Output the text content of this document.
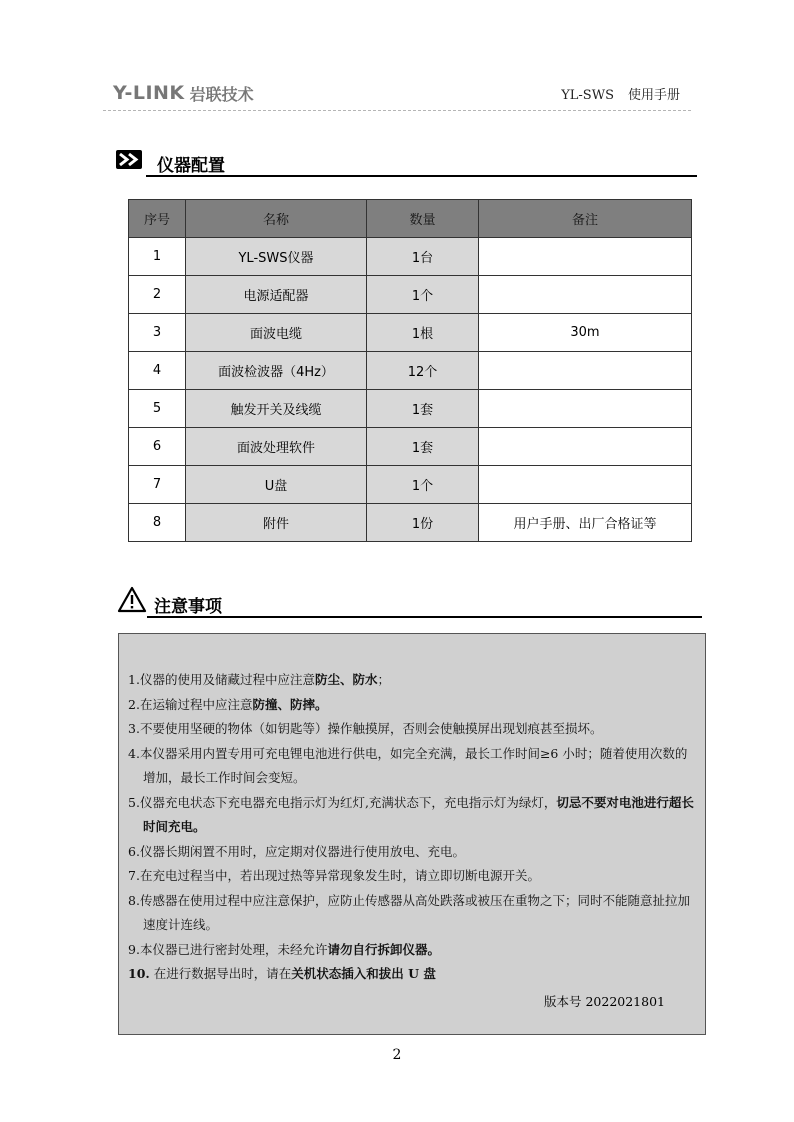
Y-LINK 岩联技术	YL-SWS 使用手册
仪器配置
序号	名称	数量	备注
1	YL-SWS仪器	1台	
2	电源适配器	1个	
3	面波电缆	1根	30m
4	面波检波器（4Hz）	12个	
5	触发开关及线缆	1套	
6	面波处理软件	1套	
7	U盘	1个	
8	附件	1份	用户手册、出厂合格证等
注意事项
1.仪器的使用及储藏过程中应注意防尘、防水；
2.在运输过程中应注意防撞、防摔。
3.不要使用坚硬的物体（如钥匙等）操作触摸屏，否则会使触摸屏出现划痕甚至损坏。
4.本仪器采用内置专用可充电锂电池进行供电，如完全充满，最长工作时间≥6 小时；随着使用次数的增加，最长工作时间会变短。
5.仪器充电状态下充电器充电指示灯为红灯,充满状态下，充电指示灯为绿灯，切忌不要对电池进行超长时间充电。
6.仪器长期闲置不用时，应定期对仪器进行使用放电、充电。
7.在充电过程当中，若出现过热等异常现象发生时，请立即切断电源开关。
8.传感器在使用过程中应注意保护，应防止传感器从高处跌落或被压在重物之下；同时不能随意扯拉加速度计连线。
9.本仪器已进行密封处理，未经允许请勿自行拆卸仪器。
10. 在进行数据导出时，请在关机状态插入和拔出 U 盘
版本号 2022021801
2
